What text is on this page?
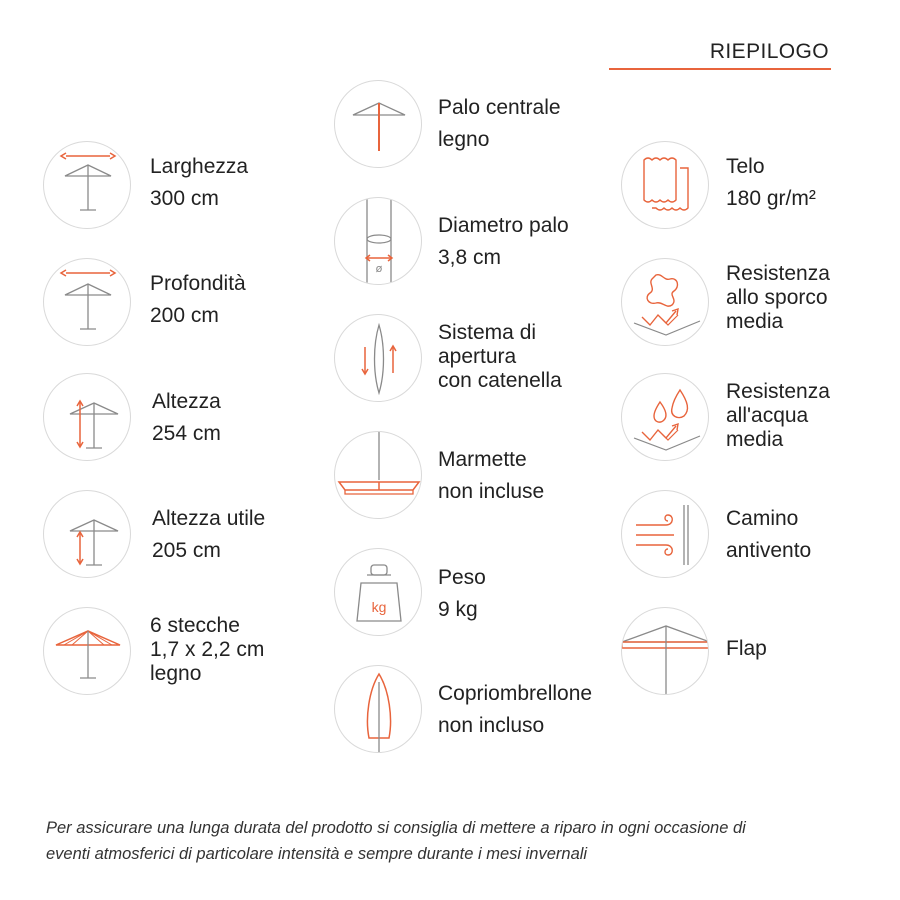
RIEPILOGO
Larghezza
300 cm
Profondità
200 cm
Altezza
254 cm
Altezza utile
205 cm
6 stecche
1,7 x 2,2 cm
legno
Palo centrale
legno
ø
Diametro palo
3,8 cm
Sistema di
apertura
con catenella
Marmette
non incluse
kg
Peso
9 kg
Copriombrellone
non incluso
Telo
180 gr/m²
Resistenza
allo sporco
media
Resistenza
all'acqua
media
Camino
antivento
Flap
Per assicurare una lunga durata del prodotto si consiglia di mettere a riparo in ogni occasione di
eventi atmosferici di particolare intensità e sempre durante i mesi invernali
